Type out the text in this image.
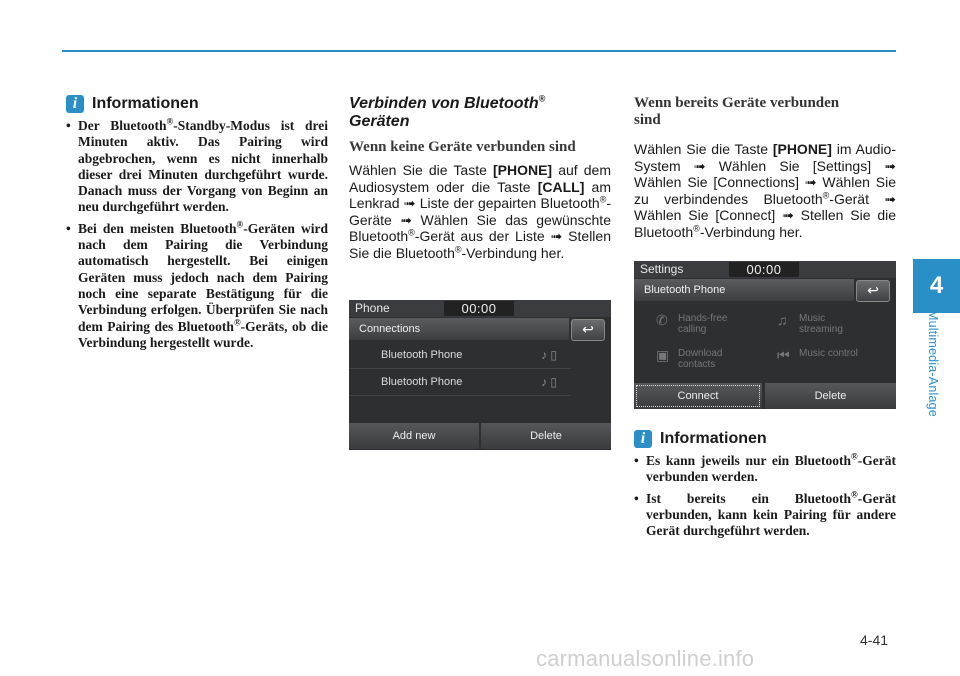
4
Multimedia-Anlage
i Informationen
• Der Bluetooth®-Standby-Modus ist drei Minuten aktiv. Das Pairing wird abgebrochen, wenn es nicht innerhalb dieser drei Minuten durchgeführt wurde. Danach muss der Vorgang von Beginn an neu durchgeführt werden.
• Bei den meisten Bluetooth®-Geräten wird nach dem Pairing die Verbindung automatisch hergestellt. Bei einigen Geräten muss jedoch nach dem Pairing noch eine separate Bestätigung für die Verbindung erfolgen. Überprüfen Sie nach dem Pairing des Bluetooth®-Geräts, ob die Verbindung hergestellt wurde.
Verbinden von Bluetooth®
Geräten
Wenn keine Geräte verbunden sind

Wählen Sie die Taste [PHONE] auf dem Audiosystem oder die Taste [CALL] am Lenkrad ➟ Liste der gepairten Bluetooth®-Geräte ➟ Wählen Sie das gewünschte Bluetooth®-Gerät aus der Liste ➟ Stellen Sie die Bluetooth®-Verbindung her.

Phone	00:00
Connections	↩
Bluetooth Phone	♪ ▯
Bluetooth Phone	♪ ▯
Add new	Delete
Wenn bereits Geräte verbunden
sind

Wählen Sie die Taste [PHONE] im Audio-System ➟ Wählen Sie [Settings] ➟ Wählen Sie [Connections] ➟ Wählen Sie zu verbindendes Bluetooth®-Gerät ➟ Wählen Sie [Connect] ➟ Stellen Sie die Bluetooth®-Verbindung her.

Settings	00:00
Bluetooth Phone	↩
✆ Hands-free calling
♫ Music streaming
▣ Download contacts
⏮ Music control
Connect	Delete
i Informationen
• Es kann jeweils nur ein Bluetooth®-Gerät verbunden werden.
• Ist bereits ein Bluetooth®-Gerät verbunden, kann kein Pairing für andere Gerät durchgeführt werden.
4-41
carmanualsonline.info
